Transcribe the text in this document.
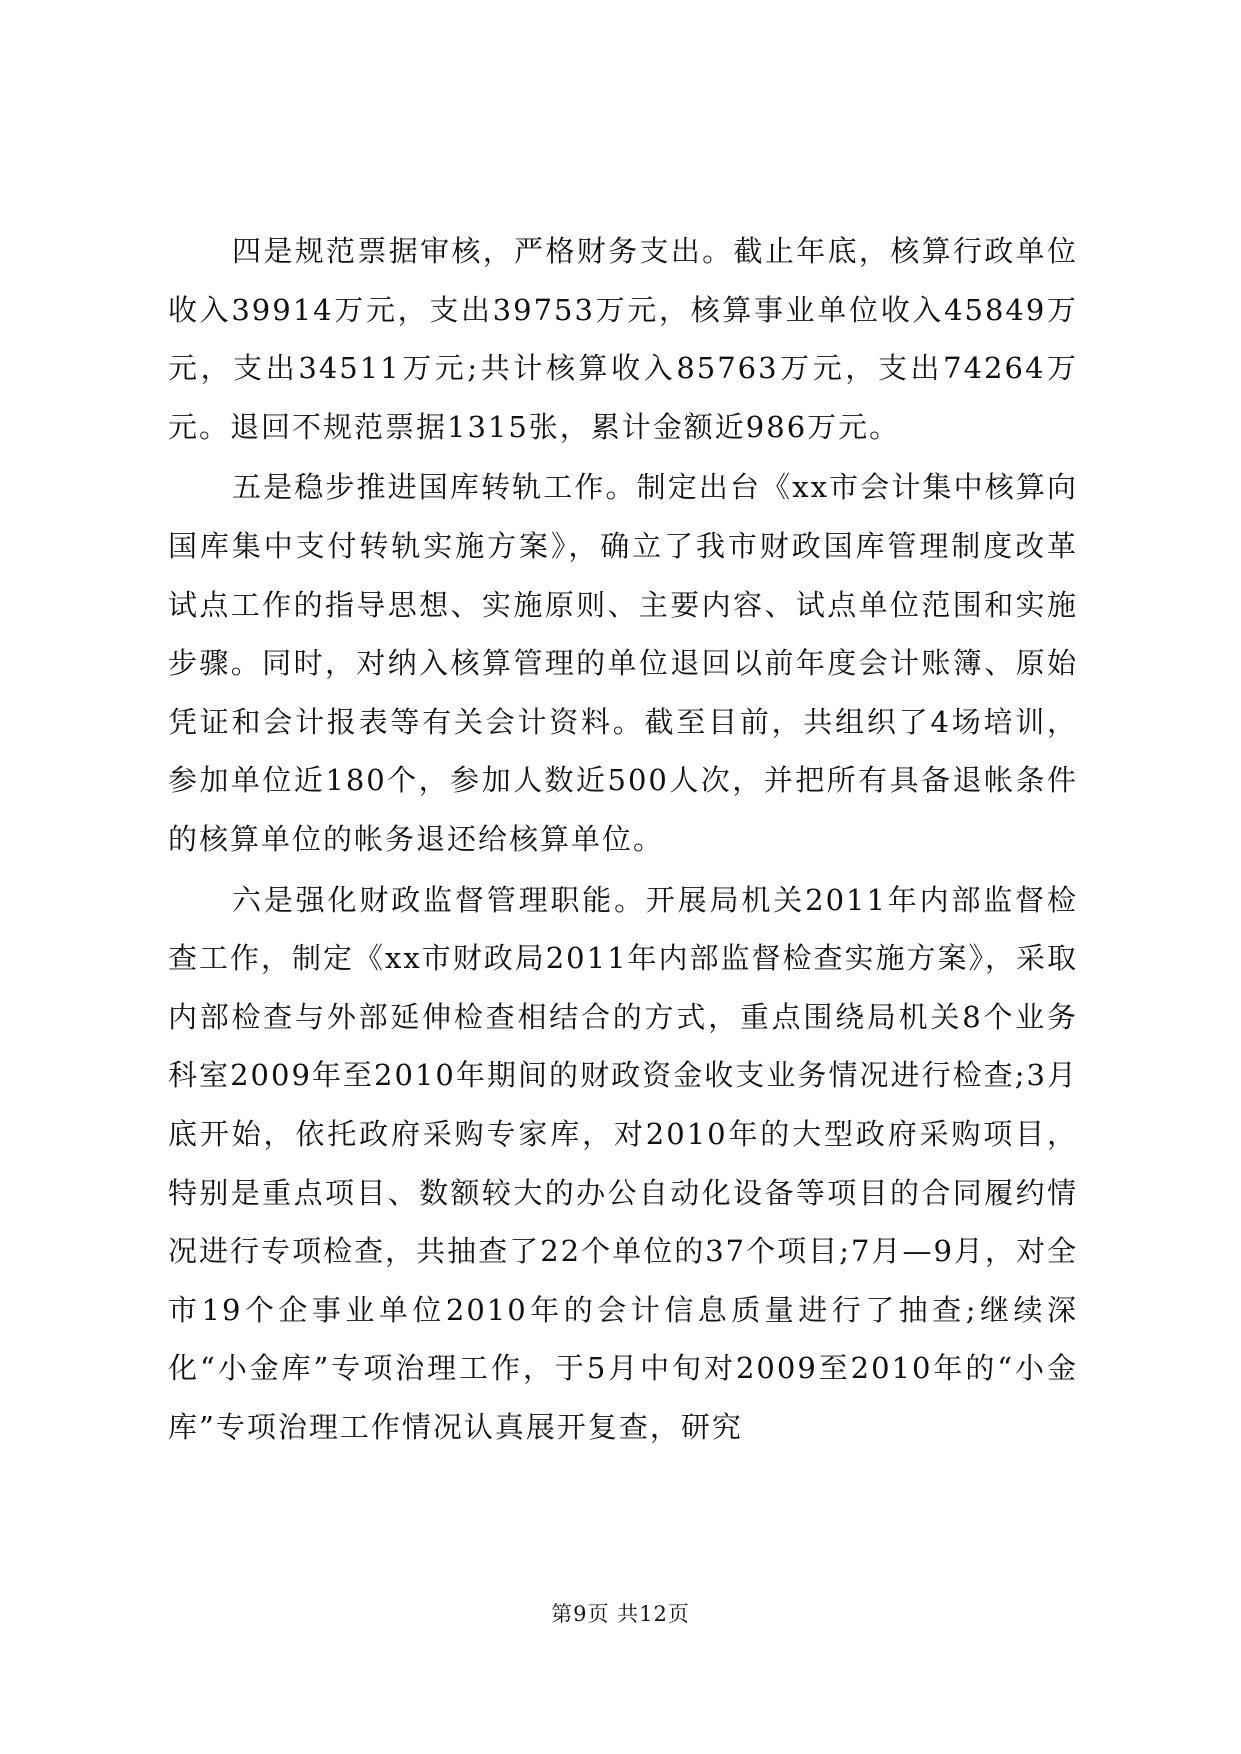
四是规范票据审核，严格财务支出。截止年底，核算行政单位收入39914万元，支出39753万元，核算事业单位收入45849万元，支出34511万元;共计核算收入85763万元，支出74264万元。退回不规范票据1315张，累计金额近986万元。

五是稳步推进国库转轨工作。制定出台《xx市会计集中核算向国库集中支付转轨实施方案》，确立了我市财政国库管理制度改革试点工作的指导思想、实施原则、主要内容、试点单位范围和实施步骤。同时，对纳入核算管理的单位退回以前年度会计账簿、原始凭证和会计报表等有关会计资料。截至目前，共组织了4场培训，参加单位近180个，参加人数近500人次，并把所有具备退帐条件的核算单位的帐务退还给核算单位。

六是强化财政监督管理职能。开展局机关2011年内部监督检查工作，制定《xx市财政局2011年内部监督检查实施方案》，采取内部检查与外部延伸检查相结合的方式，重点围绕局机关8个业务科室2009年至2010年期间的财政资金收支业务情况进行检查;3月底开始，依托政府采购专家库，对2010年的大型政府采购项目，特别是重点项目、数额较大的办公自动化设备等项目的合同履约情况进行专项检查，共抽查了22个单位的37个项目;7月—9月，对全市19个企事业单位2010年的会计信息质量进行了抽查;继续深化“小金库”专项治理工作，于5月中旬对2009至2010年的“小金库”专项治理工作情况认真展开复查，研究

第9页 共12页
